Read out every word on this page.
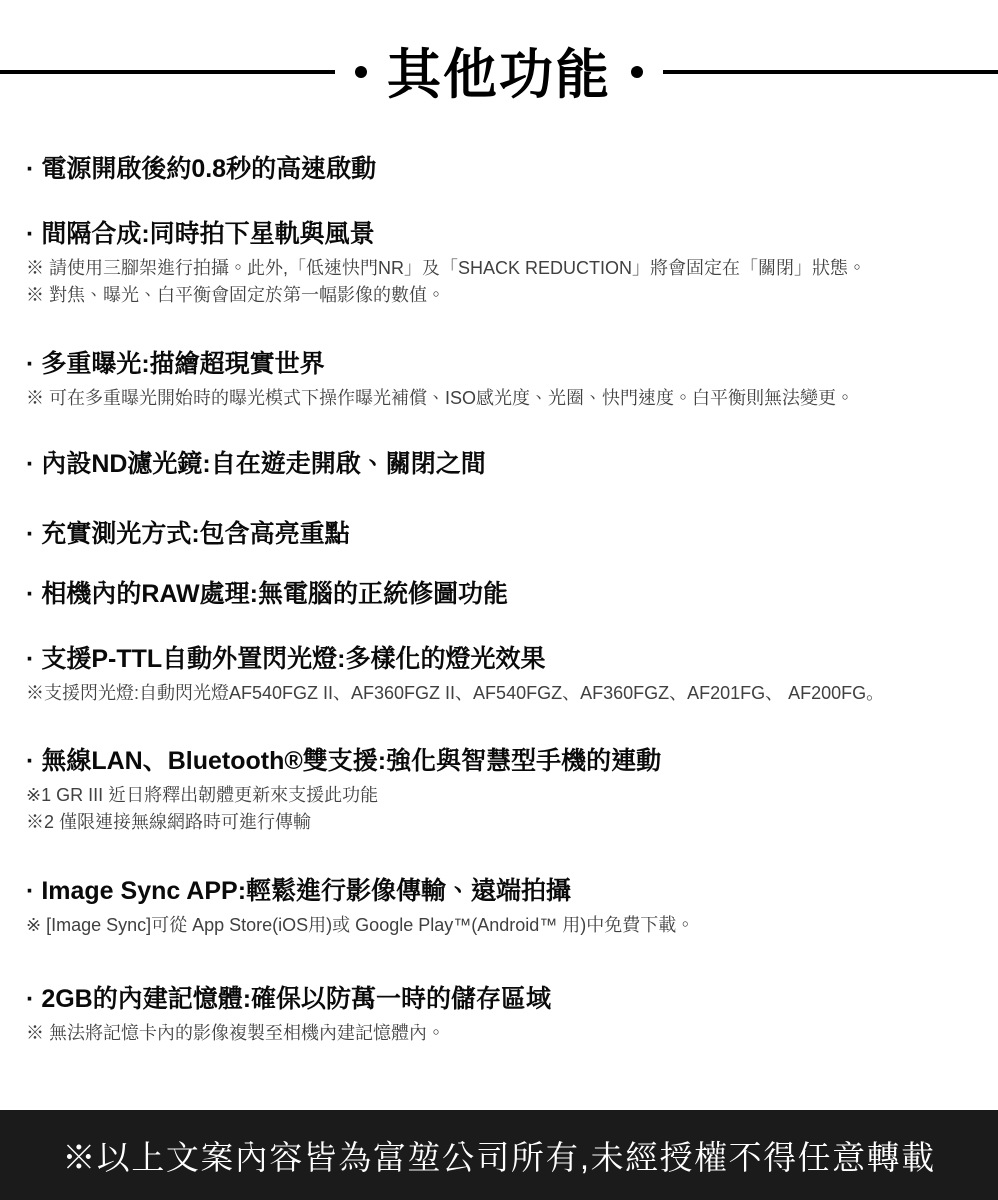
其他功能
· 電源開啟後約0.8秒的高速啟動
· 間隔合成:同時拍下星軌與風景
※ 請使用三腳架進行拍攝。此外,「低速快門NR」及「SHACK REDUCTION」將會固定在「關閉」狀態。
※ 對焦、曝光、白平衡會固定於第一幅影像的數值。
· 多重曝光:描繪超現實世界
※ 可在多重曝光開始時的曝光模式下操作曝光補償、ISO感光度、光圈、快門速度。白平衡則無法變更。
· 內設ND濾光鏡:自在遊走開啟、關閉之間
· 充實測光方式:包含高亮重點
· 相機內的RAW處理:無電腦的正統修圖功能
· 支援P-TTL自動外置閃光燈:多樣化的燈光效果
※支援閃光燈:自動閃光燈AF540FGZ II、AF360FGZ II、AF540FGZ、AF360FGZ、AF201FG、 AF200FG。
· 無線LAN、Bluetooth®雙支援:強化與智慧型手機的連動
※1 GR III 近日將釋出韌體更新來支援此功能
※2 僅限連接無線網路時可進行傳輸
· Image Sync APP:輕鬆進行影像傳輸、遠端拍攝
※ [Image Sync]可從 App Store(iOS用)或 Google Play™(Android™ 用)中免費下載。
· 2GB的內建記憶體:確保以防萬一時的儲存區域
※ 無法將記憶卡內的影像複製至相機內建記憶體內。
※以上文案內容皆為富堃公司所有,未經授權不得任意轉載
